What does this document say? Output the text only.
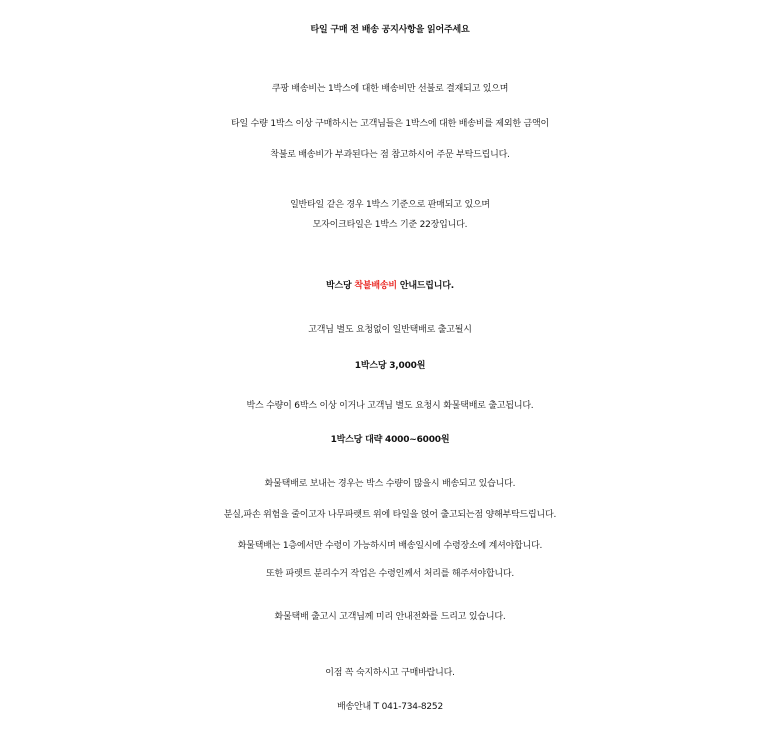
타일 구매 전 배송 공지사항을 읽어주세요
쿠팡 배송비는 1박스에 대한 배송비만 선불로 결재되고 있으며
타일 수량 1박스 이상 구매하시는 고객님들은 1박스에 대한 배송비를 제외한 금액이
착불로 배송비가 부과된다는 점 참고하시어 주문 부탁드립니다.
일반타일 같은 경우 1박스 기준으로 판매되고 있으며
모자이크타일은 1박스 기준 22장입니다.
박스당 착불배송비 안내드립니다.
고객님 별도 요청없이 일반택배로 출고될시
1박스당 3,000원
박스 수량이 6박스 이상 이거나 고객님 별도 요청시 화물택배로 출고됩니다.
1박스당 대략 4000~6000원
화물택배로 보내는 경우는 박스 수량이 많을시 배송되고 있습니다.
분실,파손 위험을 줄이고자 나무파렛트 위에 타일을 얹어 출고되는점 양해부탁드립니다.
화물택배는 1층에서만 수령이 가능하시며 배송일시에 수령장소에 계셔야합니다.
또한 파렛트 분리수거 작업은 수령인께서 처리를 해주셔야합니다.
화물택배 출고시 고객님께 미리 안내전화를 드리고 있습니다.
이점 꼭 숙지하시고 구매바랍니다.
배송안내 T 041-734-8252
